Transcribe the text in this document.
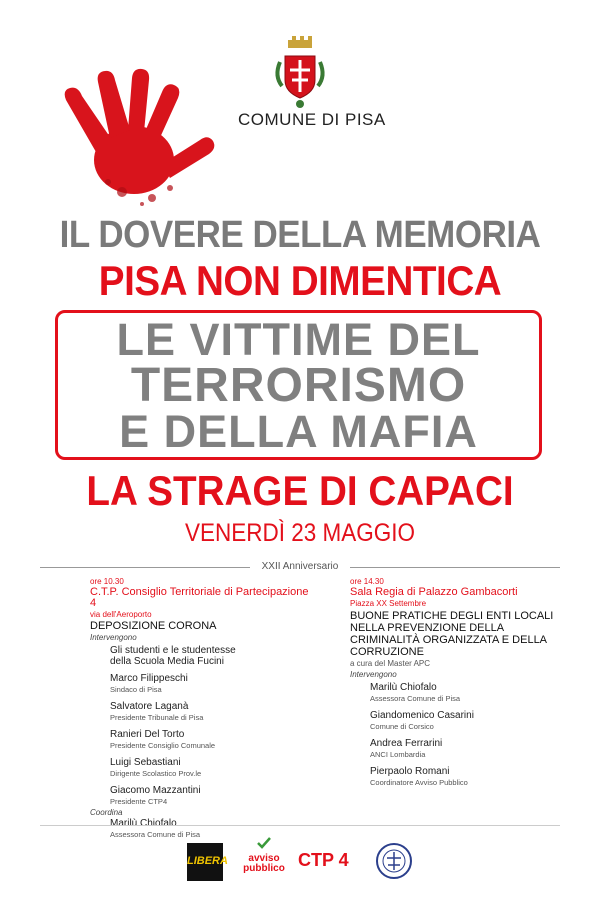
COMUNE DI PISA
IL DOVERE DELLA MEMORIA
PISA NON DIMENTICA
LE VITTIME DEL
TERRORISMO
E DELLA MAFIA
LA STRAGE DI CAPACI
VENERDÌ 23 MAGGIO
XXII Anniversario
ore 10.30
C.T.P. Consiglio Territoriale di Partecipazione 4
via dell'Aeroporto
DEPOSIZIONE CORONA
Intervengono
Gli studenti e le studentesse
della Scuola Media Fucini
Marco Filippeschi
Sindaco di Pisa
Salvatore Laganà
Presidente Tribunale di Pisa
Ranieri Del Torto
Presidente Consiglio Comunale
Luigi Sebastiani
Dirigente Scolastico Prov.le
Giacomo Mazzantini
Presidente CTP4
Coordina
Marilù Chiofalo
Assessora Comune di Pisa
ore 14.30
Sala Regia di Palazzo Gambacorti
Piazza XX Settembre
BUONE PRATICHE DEGLI ENTI LOCALI
NELLA PREVENZIONE DELLA
CRIMINALITÀ ORGANIZZATA E DELLA
CORRUZIONE
a cura del Master APC
Intervengono
Marilù Chiofalo
Assessora Comune di Pisa
Giandomenico Casarini
Comune di Corsico
Andrea Ferrarini
ANCI Lombardia
Pierpaolo Romani
Coordinatore Avviso Pubblico
LIBERA	avviso
pubblico CTP 4
